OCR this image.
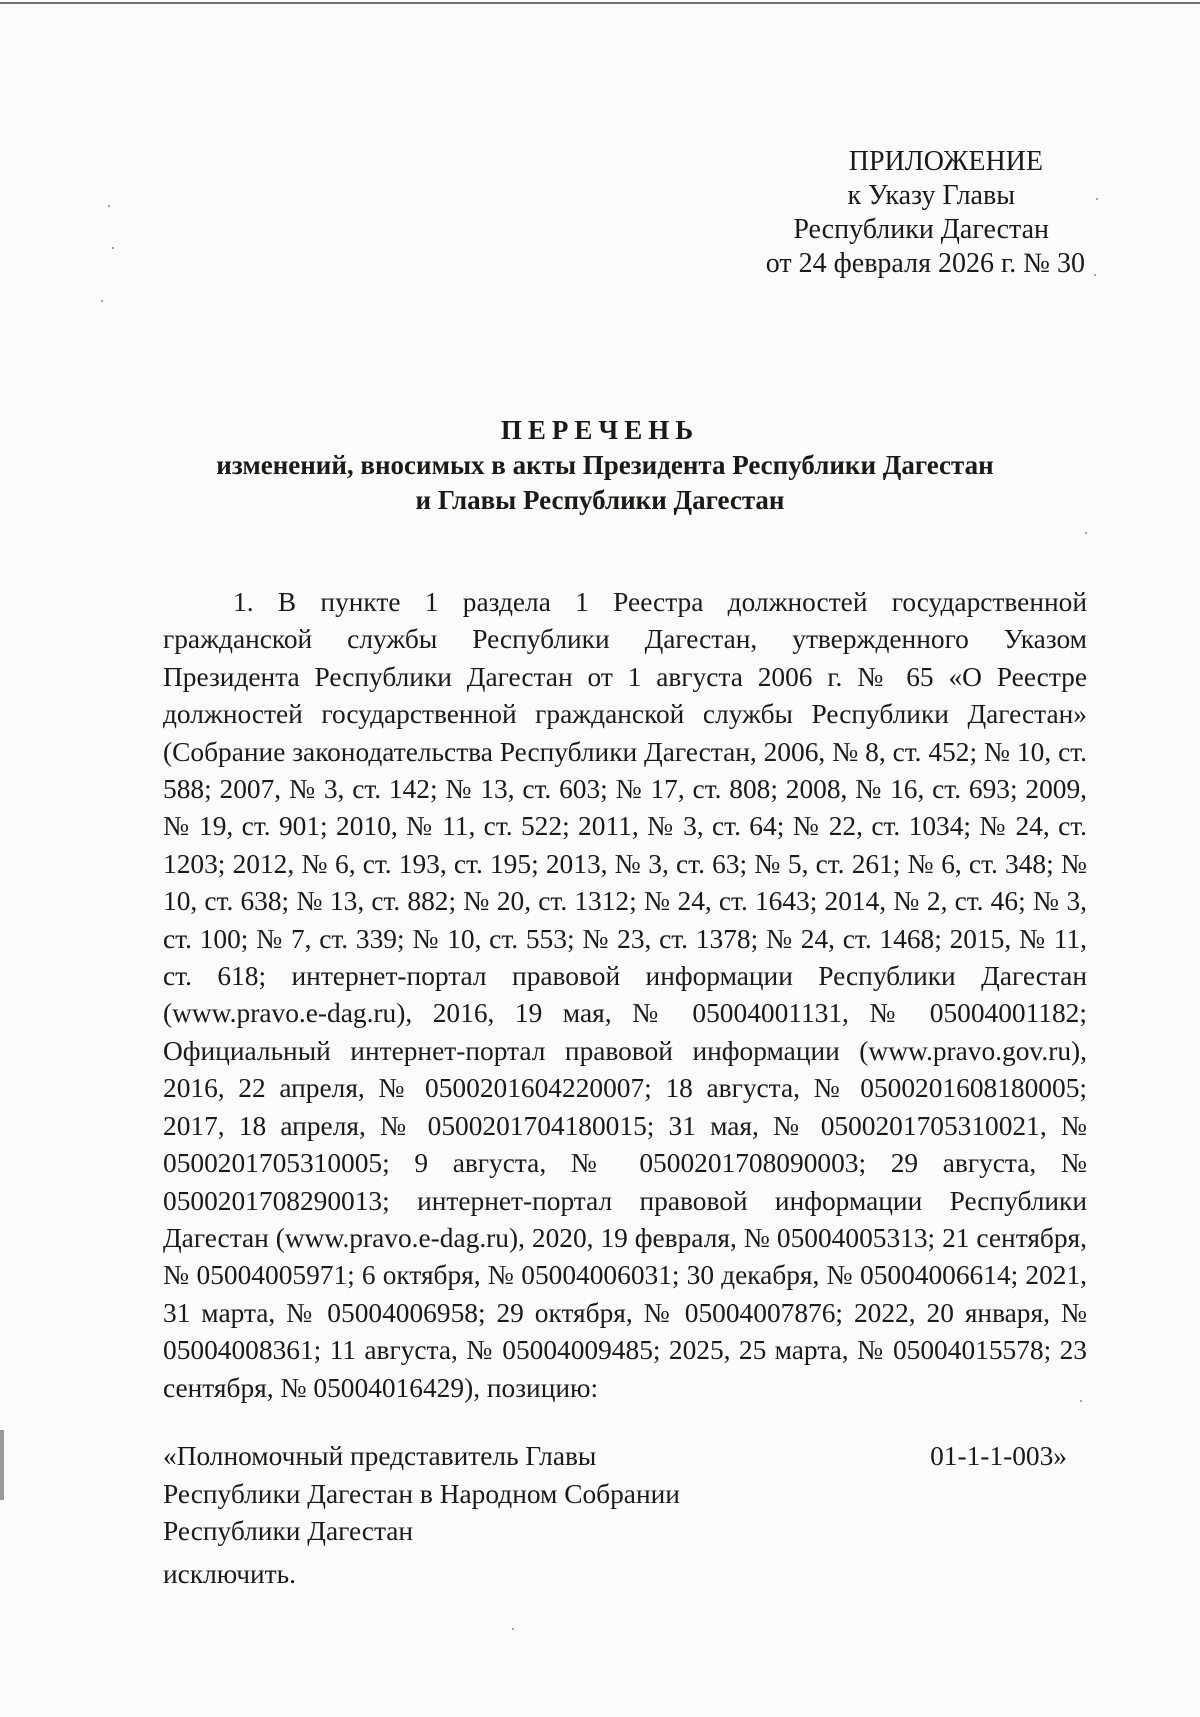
ПРИЛОЖЕНИЕ
к Указу Главы
Республики Дагестан
от 24 февраля 2026 г. № 30
ПЕРЕЧЕНЬ
изменений, вносимых в акты Президента Республики Дагестан
и Главы Республики Дагестан

1. В пункте 1 раздела 1 Реестра должностей государственной гражданской службы Республики Дагестан, утвержденного Указом Президента Республики Дагестан от 1 августа 2006 г. № 65 «О Реестре должностей государственной гражданской службы Республики Дагестан» (Собрание законодательства Республики Дагестан, 2006, № 8, ст. 452; № 10, ст. 588; 2007, № 3, ст. 142; № 13, ст. 603; № 17, ст. 808; 2008, № 16, ст. 693; 2009, № 19, ст. 901; 2010, № 11, ст. 522; 2011, № 3, ст. 64; № 22, ст. 1034; № 24, ст. 1203; 2012, № 6, ст. 193, ст. 195; 2013, № 3, ст. 63; № 5, ст. 261; № 6, ст. 348; № 10, ст. 638; № 13, ст. 882; № 20, ст. 1312; № 24, ст. 1643; 2014, № 2, ст. 46; № 3, ст. 100; № 7, ст. 339; № 10, ст. 553; № 23, ст. 1378; № 24, ст. 1468; 2015, № 11, ст. 618; интернет-портал правовой информации Республики Дагестан (www.pravo.e-dag.ru), 2016, 19 мая, № 05004001131, № 05004001182; Официальный интернет-портал правовой информации (www.pravo.gov.ru), 2016, 22 апреля, № 0500201604220007; 18 августа, № 0500201608180005; 2017, 18 апреля, № 0500201704180015; 31 мая, № 0500201705310021, № 0500201705310005; 9 августа, № 0500201708090003; 29 августа, № 0500201708290013; интернет-портал правовой информации Республики Дагестан (www.pravo.e-dag.ru), 2020, 19 февраля, № 05004005313; 21 сентября, № 05004005971; 6 октября, № 05004006031; 30 декабря, № 05004006614; 2021, 31 марта, № 05004006958; 29 октября, № 05004007876; 2022, 20 января, № 05004008361; 11 августа, № 05004009485; 2025, 25 марта, № 05004015578; 23 сентября, № 05004016429), позицию:

«Полномочный представитель Главы
Республики Дагестан в Народном Собрании
Республики Дагестан
01-1-1-003»
исключить.
